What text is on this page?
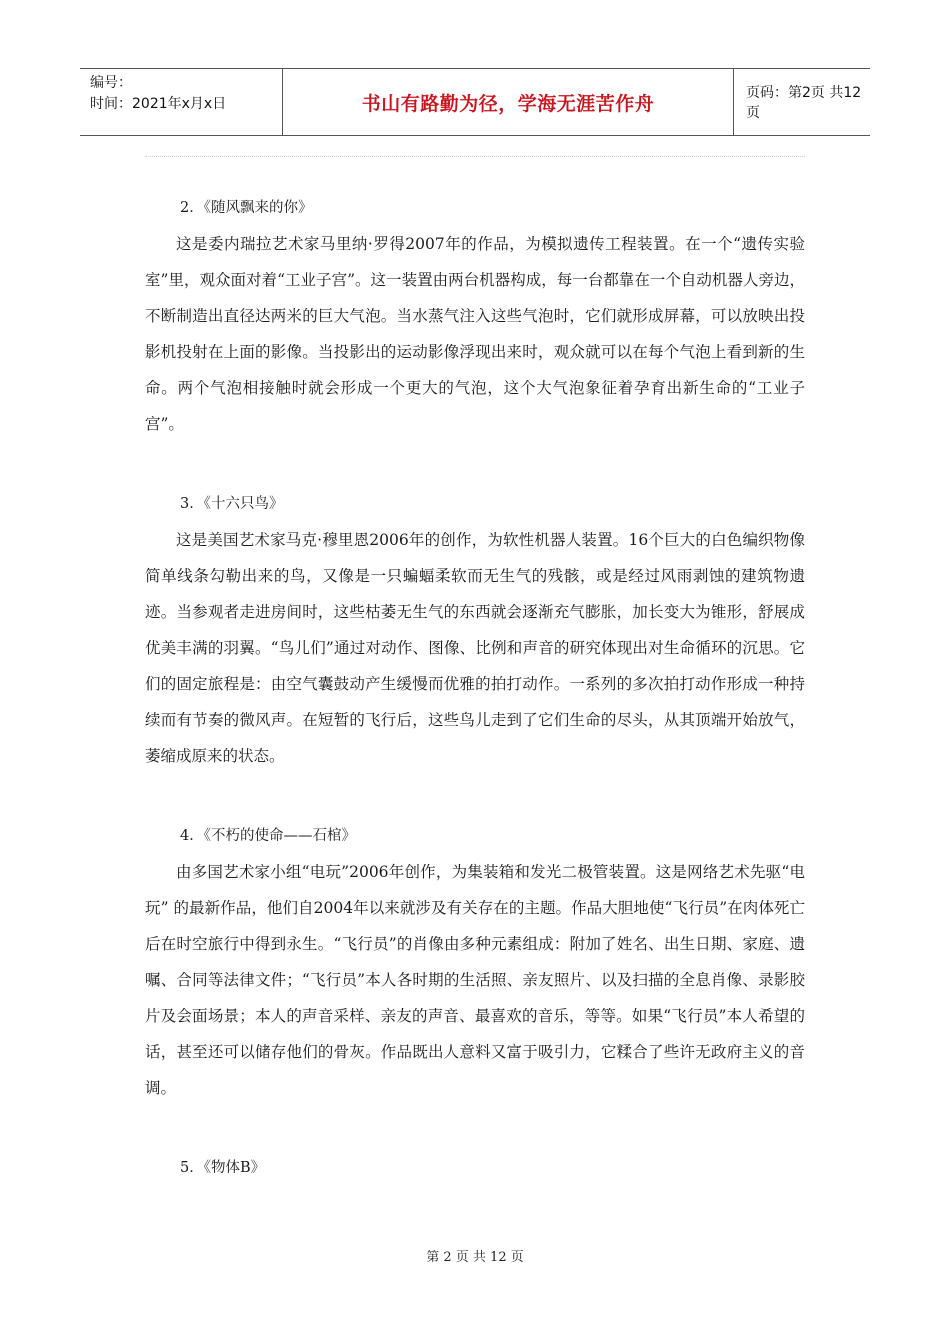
编号：
时间：2021年x月x日	书山有路勤为径，学海无涯苦作舟	页码：第2页 共12页
2．《随风飘来的你》

这是委内瑞拉艺术家马里纳·罗得2007年的作品，为模拟遗传工程装置。在一个“遗传实验室”里，观众面对着“工业子宫”。这一装置由两台机器构成，每一台都靠在一个自动机器人旁边，不断制造出直径达两米的巨大气泡。当水蒸气注入这些气泡时，它们就形成屏幕，可以放映出投影机投射在上面的影像。当投影出的运动影像浮现出来时，观众就可以在每个气泡上看到新的生命。两个气泡相接触时就会形成一个更大的气泡，这个大气泡象征着孕育出新生命的“工业子宫”。

3．《十六只鸟》

这是美国艺术家马克·穆里恩2006年的创作，为软性机器人装置。16个巨大的白色编织物像简单线条勾勒出来的鸟，又像是一只蝙蝠柔软而无生气的残骸，或是经过风雨剥蚀的建筑物遗迹。当参观者走进房间时，这些枯萎无生气的东西就会逐渐充气膨胀，加长变大为锥形，舒展成优美丰满的羽翼。“鸟儿们”通过对动作、图像、比例和声音的研究体现出对生命循环的沉思。它们的固定旅程是：由空气囊鼓动产生缓慢而优雅的拍打动作。一系列的多次拍打动作形成一种持续而有节奏的微风声。在短暂的飞行后，这些鸟儿走到了它们生命的尽头，从其顶端开始放气，萎缩成原来的状态。

4．《不朽的使命——石棺》

由多国艺术家小组“电玩”2006年创作，为集装箱和发光二极管装置。这是网络艺术先驱“电玩” 的最新作品，他们自2004年以来就涉及有关存在的主题。作品大胆地使“飞行员”在肉体死亡后在时空旅行中得到永生。“飞行员”的肖像由多种元素组成：附加了姓名、出生日期、家庭、遗嘱、合同等法律文件；“飞行员”本人各时期的生活照、亲友照片、以及扫描的全息肖像、录影胶片及会面场景；本人的声音采样、亲友的声音、最喜欢的音乐，等等。如果“飞行员”本人希望的话，甚至还可以储存他们的骨灰。作品既出人意料又富于吸引力，它糅合了些许无政府主义的音调。

5．《物体B》
第 2 页 共 12 页
